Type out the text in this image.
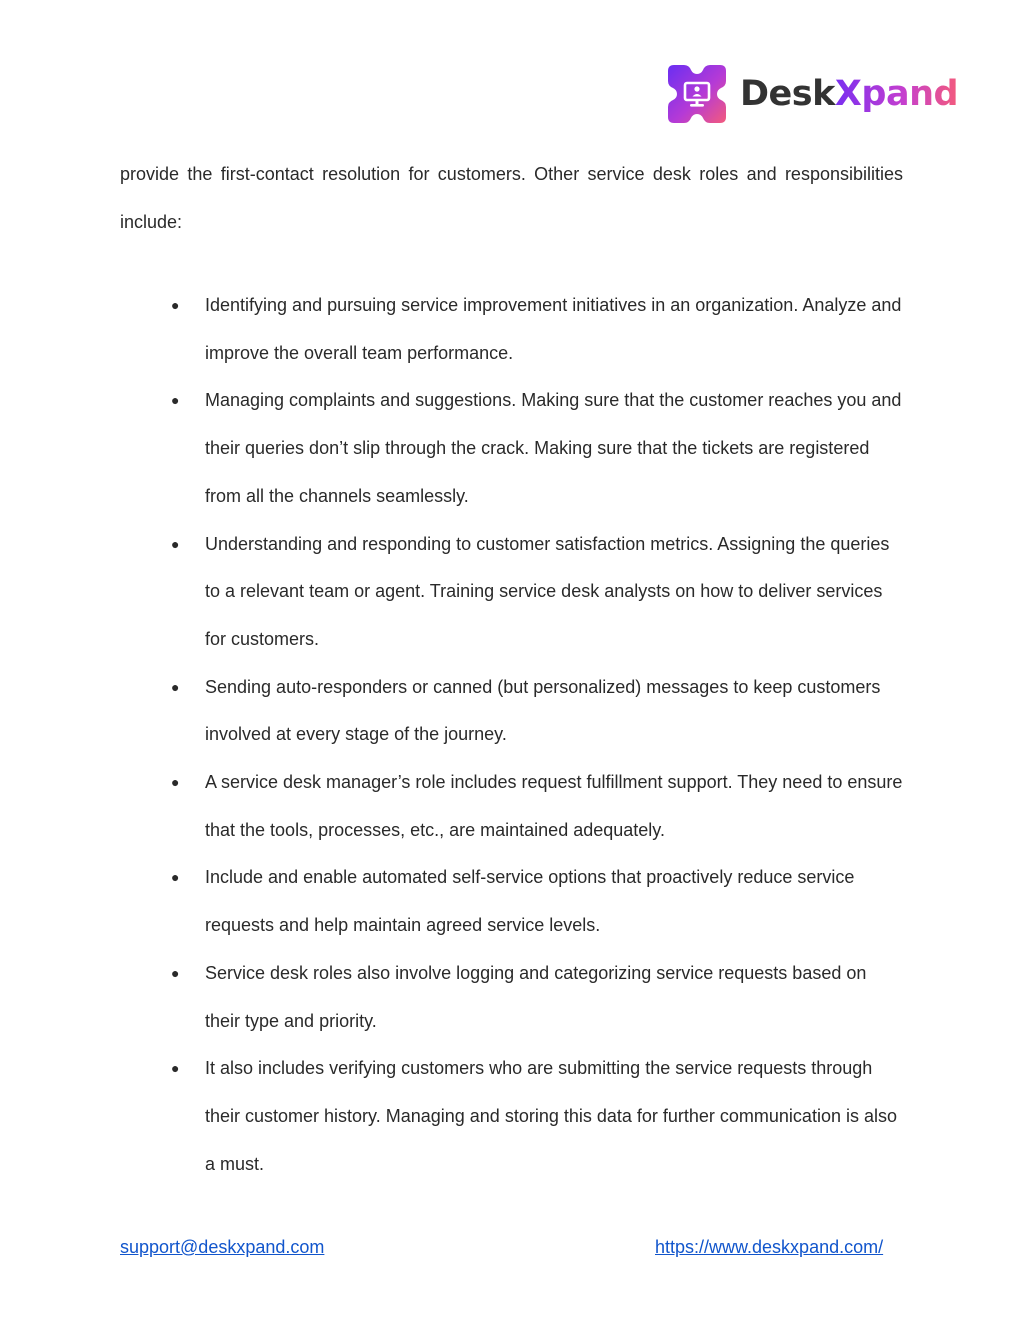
DeskXpand

provide the first-contact resolution for customers. Other service desk roles and responsibilities include:

● Identifying and pursuing service improvement initiatives in an organization. Analyze and improve the overall team performance.
● Managing complaints and suggestions. Making sure that the customer reaches you and their queries don’t slip through the crack. Making sure that the tickets are registered from all the channels seamlessly.
● Understanding and responding to customer satisfaction metrics. Assigning the queries to a relevant team or agent. Training service desk analysts on how to deliver services for customers.
● Sending auto-responders or canned (but personalized) messages to keep customers involved at every stage of the journey.
● A service desk manager’s role includes request fulfillment support. They need to ensure that the tools, processes, etc., are maintained adequately.
● Include and enable automated self-service options that proactively reduce service requests and help maintain agreed service levels.
● Service desk roles also involve logging and categorizing service requests based on their type and priority.
● It also includes verifying customers who are submitting the service requests through their customer history. Managing and storing this data for further communication is also a must.
support@deskxpand.com	https://www.deskxpand.com/
